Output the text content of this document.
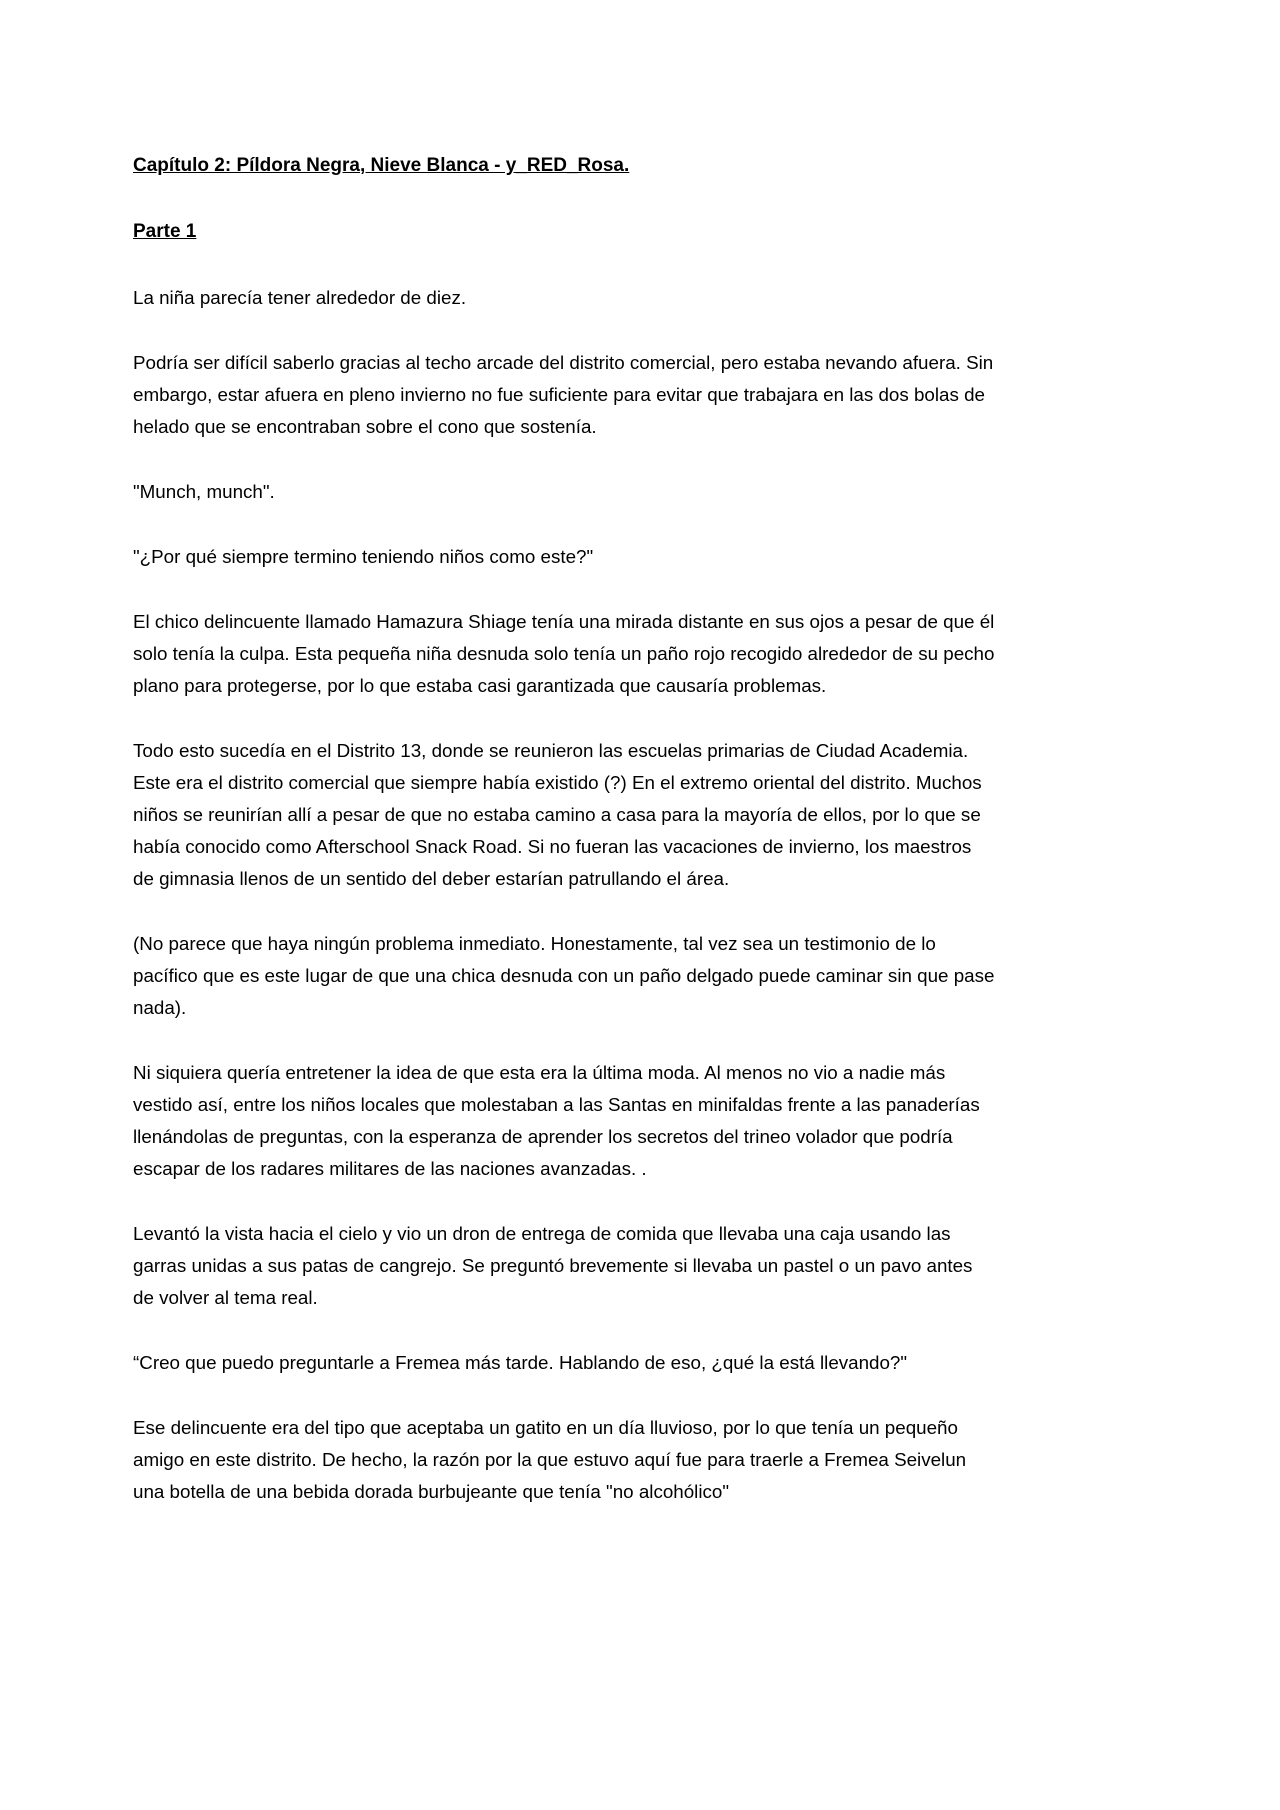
Capítulo 2: Píldora Negra, Nieve Blanca - y_RED_Rosa.
Parte 1

La niña parecía tener alrededor de diez.

Podría ser difícil saberlo gracias al techo arcade del distrito comercial, pero estaba nevando afuera. Sin embargo, estar afuera en pleno invierno no fue suficiente para evitar que trabajara en las dos bolas de helado que se encontraban sobre el cono que sostenía.

"Munch, munch".

"¿Por qué siempre termino teniendo niños como este?"

El chico delincuente llamado Hamazura Shiage tenía una mirada distante en sus ojos a pesar de que él solo tenía la culpa. Esta pequeña niña desnuda solo tenía un paño rojo recogido alrededor de su pecho plano para protegerse, por lo que estaba casi garantizada que causaría problemas.

Todo esto sucedía en el Distrito 13, donde se reunieron las escuelas primarias de Ciudad Academia. Este era el distrito comercial que siempre había existido (?) En el extremo oriental del distrito. Muchos niños se reunirían allí a pesar de que no estaba camino a casa para la mayoría de ellos, por lo que se había conocido como Afterschool Snack Road. Si no fueran las vacaciones de invierno, los maestros de gimnasia llenos de un sentido del deber estarían patrullando el área.

(No parece que haya ningún problema inmediato. Honestamente, tal vez sea un testimonio de lo pacífico que es este lugar de que una chica desnuda con un paño delgado puede caminar sin que pase nada).

Ni siquiera quería entretener la idea de que esta era la última moda. Al menos no vio a nadie más vestido así, entre los niños locales que molestaban a las Santas en minifaldas frente a las panaderías llenándolas de preguntas, con la esperanza de aprender los secretos del trineo volador que podría escapar de los radares militares de las naciones avanzadas. .

Levantó la vista hacia el cielo y vio un dron de entrega de comida que llevaba una caja usando las garras unidas a sus patas de cangrejo. Se preguntó brevemente si llevaba un pastel o un pavo antes de volver al tema real.

“Creo que puedo preguntarle a Fremea más tarde. Hablando de eso, ¿qué la está llevando?"

Ese delincuente era del tipo que aceptaba un gatito en un día lluvioso, por lo que tenía un pequeño amigo en este distrito. De hecho, la razón por la que estuvo aquí fue para traerle a Fremea Seivelun una botella de una bebida dorada burbujeante que tenía "no alcohólico"
